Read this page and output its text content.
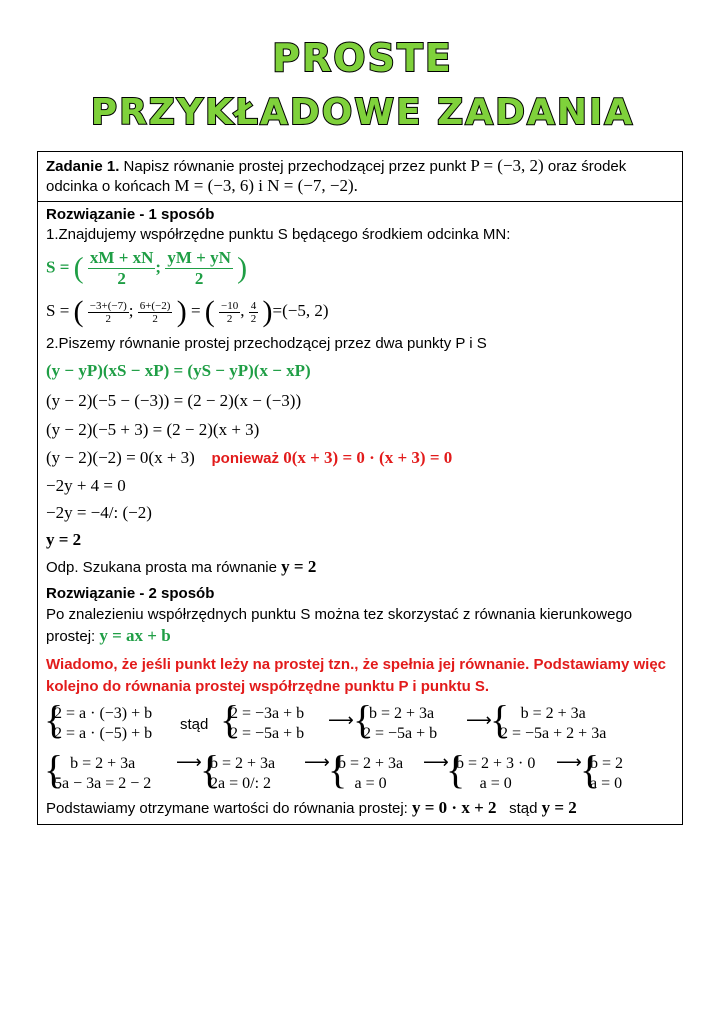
PROSTE
PRZYKŁADOWE ZADANIA
Zadanie 1. Napisz równanie prostej przechodzącej przez punkt P = (−3, 2) oraz środek
odcinka o końcach M = (−3, 6) i N = (−7, −2).
Rozwiązanie - 1 sposób
1.Znajdujemy współrzędne punktu S będącego środkiem odcinka MN:
S = ( $\frac{xM + xN}{2}$ ; $\frac{yM + yN}{2}$ )
S = ( $\frac{-3+(-7)}{2}$ ; $\frac{6+(-2)}{2}$ ) = ( $\frac{-10}{2}$ , $\frac{4}{2} )=(-5$, 2)
2.Piszemy równanie prostej przechodzącej przez dwa punkty P i S
(y − yP)(xS − xP) = (yS − yP)(x − xP)
(y − 2)(−5 − (−3)) = (2 − 2)(x − (−3))
(y − 2)(−5 + 3) = (2 − 2)(x + 3)
(y − 2)(−2) = 0(x + 3) ponieważ 0(x + 3) = 0 · (x + 3) = 0
−2y + 4 = 0
−2y = −4/: (−2)
y = 2
Odp. Szukana prosta ma równanie y = 2
Rozwiązanie - 2 sposób
Po znalezieniu współrzędnych punktu S można tez skorzystać z równania kierunkowego
prostej: y = ax + b
Wiadomo, że jeśli punkt leży na prostej tzn., że spełnia jej równanie. Podstawiamy więc
kolejno do równania prostej współrzędne punktu P i punktu S.
{
2 = a · (−3) + b
2 = a · (−5) + b
stąd {
2 = −3a + b
2 = −5a + b
⟶ {
b = 2 + 3a
2 = −5a + b
⟶
{ b = 2 + 3a
2 = −5a + 2 + 3a
{ b = 2 + 3a
5a − 3a = 2 − 2
⟶
{
b = 2 + 3a
2a = 0/: 2
⟶
{
b = 2 + 3a
a = 0
⟶
{
b = 2 + 3 · 0
a = 0
⟶
{
b = 2
a = 0
Podstawiamy otrzymane wartości do równania prostej: y = 0 · x + 2 stąd y = 2
